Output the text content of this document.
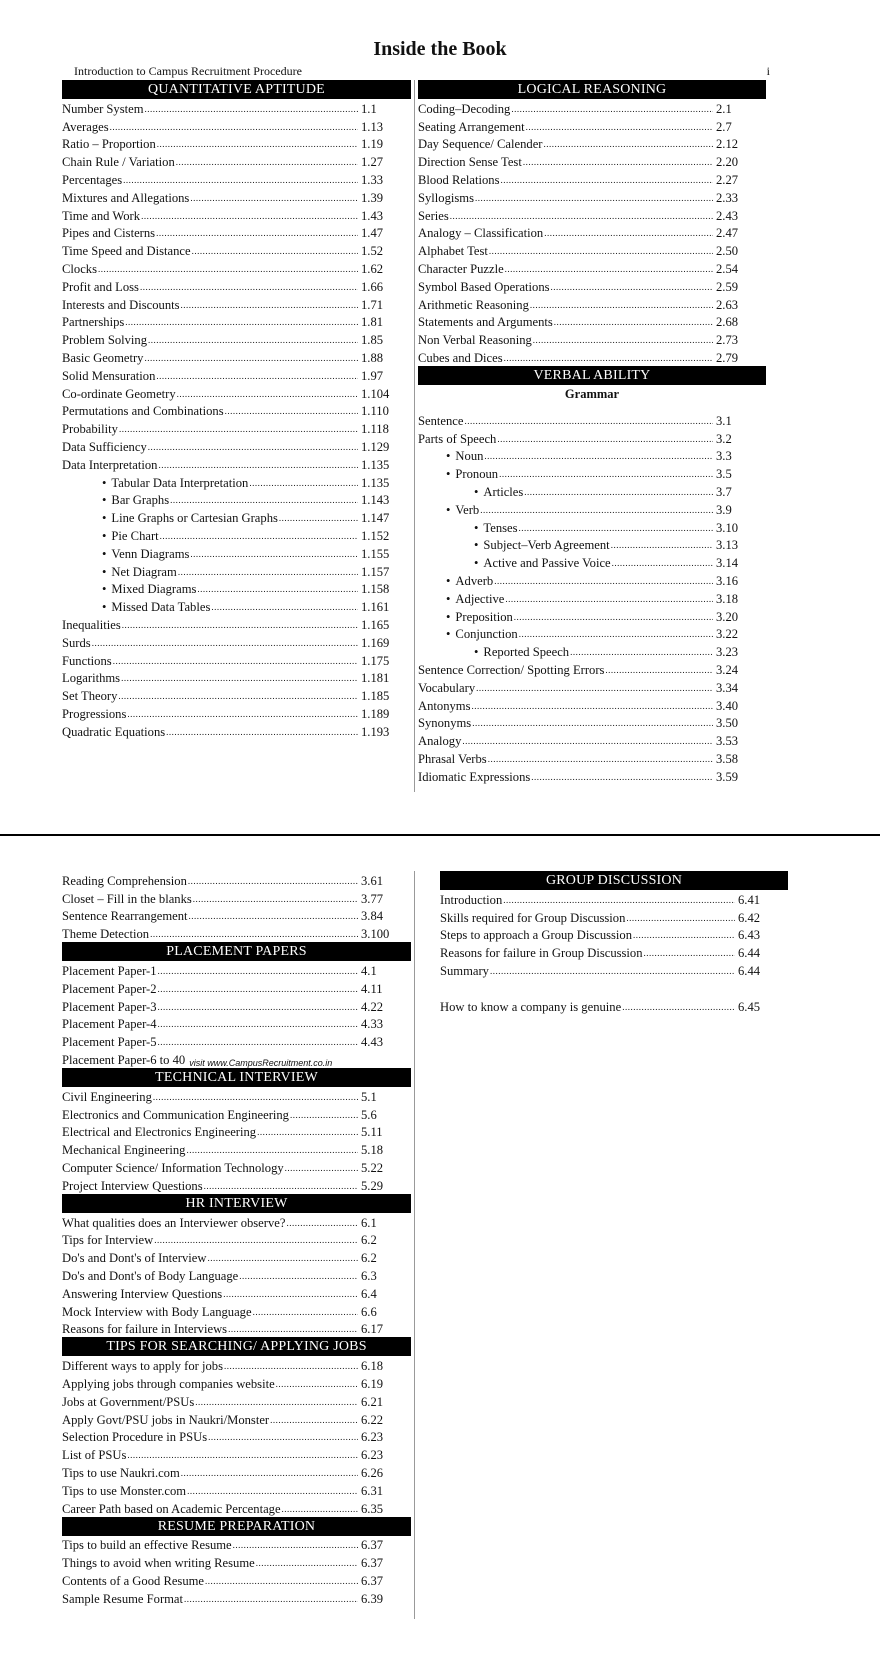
Inside the Book
Introduction to Campus Recruitment Procedure	i
QUANTITATIVE APTITUDE
Number System .....	1.1
Averages .....	1.13
Ratio – Proportion .....	1.19
Chain Rule / Variation .....	1.27
Percentages .....	1.33
Mixtures and Allegations .....	1.39
Time and Work .....	1.43
Pipes and Cisterns .....	1.47
Time Speed and Distance .....	1.52
Clocks .....	1.62
Profit and Loss .....	1.66
Interests and Discounts .....	1.71
Partnerships .....	1.81
Problem Solving .....	1.85
Basic Geometry .....	1.88
Solid Mensuration .....	1.97
Co-ordinate Geometry .....	1.104
Permutations and Combinations .....	1.110
Probability .....	1.118
Data Sufficiency .....	1.129
Data Interpretation .....	1.135
• Tabular Data Interpretation .....	1.135
• Bar Graphs .....	1.143
• Line Graphs or Cartesian Graphs .....	1.147
• Pie Chart .....	1.152
• Venn Diagrams .....	1.155
• Net Diagram .....	1.157
• Mixed Diagrams .....	1.158
• Missed Data Tables .....	1.161
Inequalities .....	1.165
Surds .....	1.169
Functions .....	1.175
Logarithms .....	1.181
Set Theory .....	1.185
Progressions .....	1.189
Quadratic Equations .....	1.193
LOGICAL REASONING
Coding–Decoding .....	2.1
Seating Arrangement .....	2.7
Day Sequence/ Calender .....	2.12
Direction Sense Test .....	2.20
Blood Relations .....	2.27
Syllogisms .....	2.33
Series .....	2.43
Analogy – Classification .....	2.47
Alphabet Test .....	2.50
Character Puzzle .....	2.54
Symbol Based Operations .....	2.59
Arithmetic Reasoning .....	2.63
Statements and Arguments .....	2.68
Non Verbal Reasoning .....	2.73
Cubes and Dices .....	2.79
VERBAL ABILITY
Grammar
Sentence .....	3.1
Parts of Speech .....	3.2
• Noun .....	3.3
• Pronoun .....	3.5
• Articles .....	3.7
• Verb .....	3.9
• Tenses .....	3.10
• Subject–Verb Agreement .....	3.13
• Active and Passive Voice .....	3.14
• Adverb .....	3.16
• Adjective .....	3.18
• Preposition .....	3.20
• Conjunction .....	3.22
• Reported Speech .....	3.23
Sentence Correction/ Spotting Errors .....	3.24
Vocabulary .....	3.34
Antonyms .....	3.40
Synonyms .....	3.50
Analogy .....	3.53
Phrasal Verbs .....	3.58
Idiomatic Expressions .....	3.59
Reading Comprehension .....	3.61
Closet – Fill in the blanks .....	3.77
Sentence Rearrangement .....	3.84
Theme Detection .....	3.100
PLACEMENT PAPERS
Placement Paper-1 .....	4.1
Placement Paper-2 .....	4.11
Placement Paper-3 .....	4.22
Placement Paper-4 .....	4.33
Placement Paper-5 .....	4.43
Placement Paper-6 to 40 visit www.CampusRecruitment.co.in
TECHNICAL INTERVIEW
Civil Engineering .....	5.1
Electronics and Communication Engineering .....	5.6
Electrical and Electronics Engineering .....	5.11
Mechanical Engineering .....	5.18
Computer Science/ Information Technology .....	5.22
Project Interview Questions .....	5.29
HR INTERVIEW
What qualities does an Interviewer observe? .....	6.1
Tips for Interview .....	6.2
Do's and Dont's of Interview .....	6.2
Do's and Dont's of Body Language .....	6.3
Answering Interview Questions .....	6.4
Mock Interview with Body Language .....	6.6
Reasons for failure in Interviews .....	6.17
TIPS FOR SEARCHING/ APPLYING JOBS
Different ways to apply for jobs .....	6.18
Applying jobs through companies website .....	6.19
Jobs at Government/PSUs .....	6.21
Apply Govt/PSU jobs in Naukri/Monster .....	6.22
Selection Procedure in PSUs .....	6.23
List of PSUs .....	6.23
Tips to use Naukri.com .....	6.26
Tips to use Monster.com .....	6.31
Career Path based on Academic Percentage .....	6.35
RESUME PREPARATION
Tips to build an effective Resume .....	6.37
Things to avoid when writing Resume .....	6.37
Contents of a Good Resume .....	6.37
Sample Resume Format .....	6.39
GROUP DISCUSSION
Introduction .....	6.41
Skills required for Group Discussion .....	6.42
Steps to approach a Group Discussion .....	6.43
Reasons for failure in Group Discussion .....	6.44
Summary .....	6.44
How to know a company is genuine .....	6.45
